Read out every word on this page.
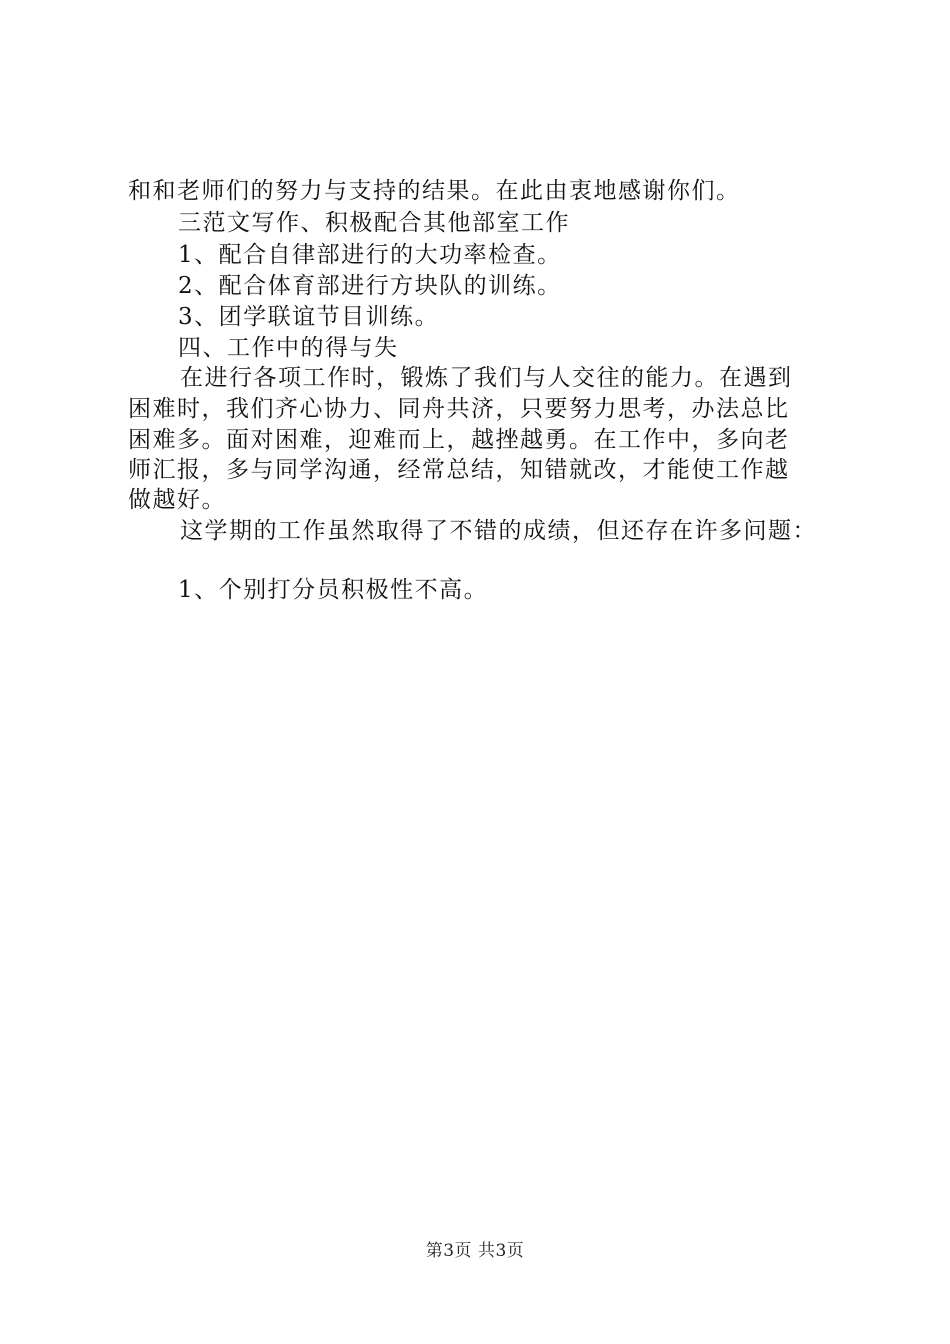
和和老师们的努力与支持的结果。在此由衷地感谢你们。
三范文写作、积极配合其他部室工作
1、配合自律部进行的大功率检查。
2、配合体育部进行方块队的训练。
3、团学联谊节目训练。
四、工作中的得与失
在进行各项工作时，锻炼了我们与人交往的能力。在遇到
困难时，我们齐心协力、同舟共济，只要努力思考，办法总比
困难多。面对困难，迎难而上，越挫越勇。在工作中，多向老
师汇报，多与同学沟通，经常总结，知错就改，才能使工作越
做越好。
这学期的工作虽然取得了不错的成绩，但还存在许多问题：
1、个别打分员积极性不高。
第3页 共3页
